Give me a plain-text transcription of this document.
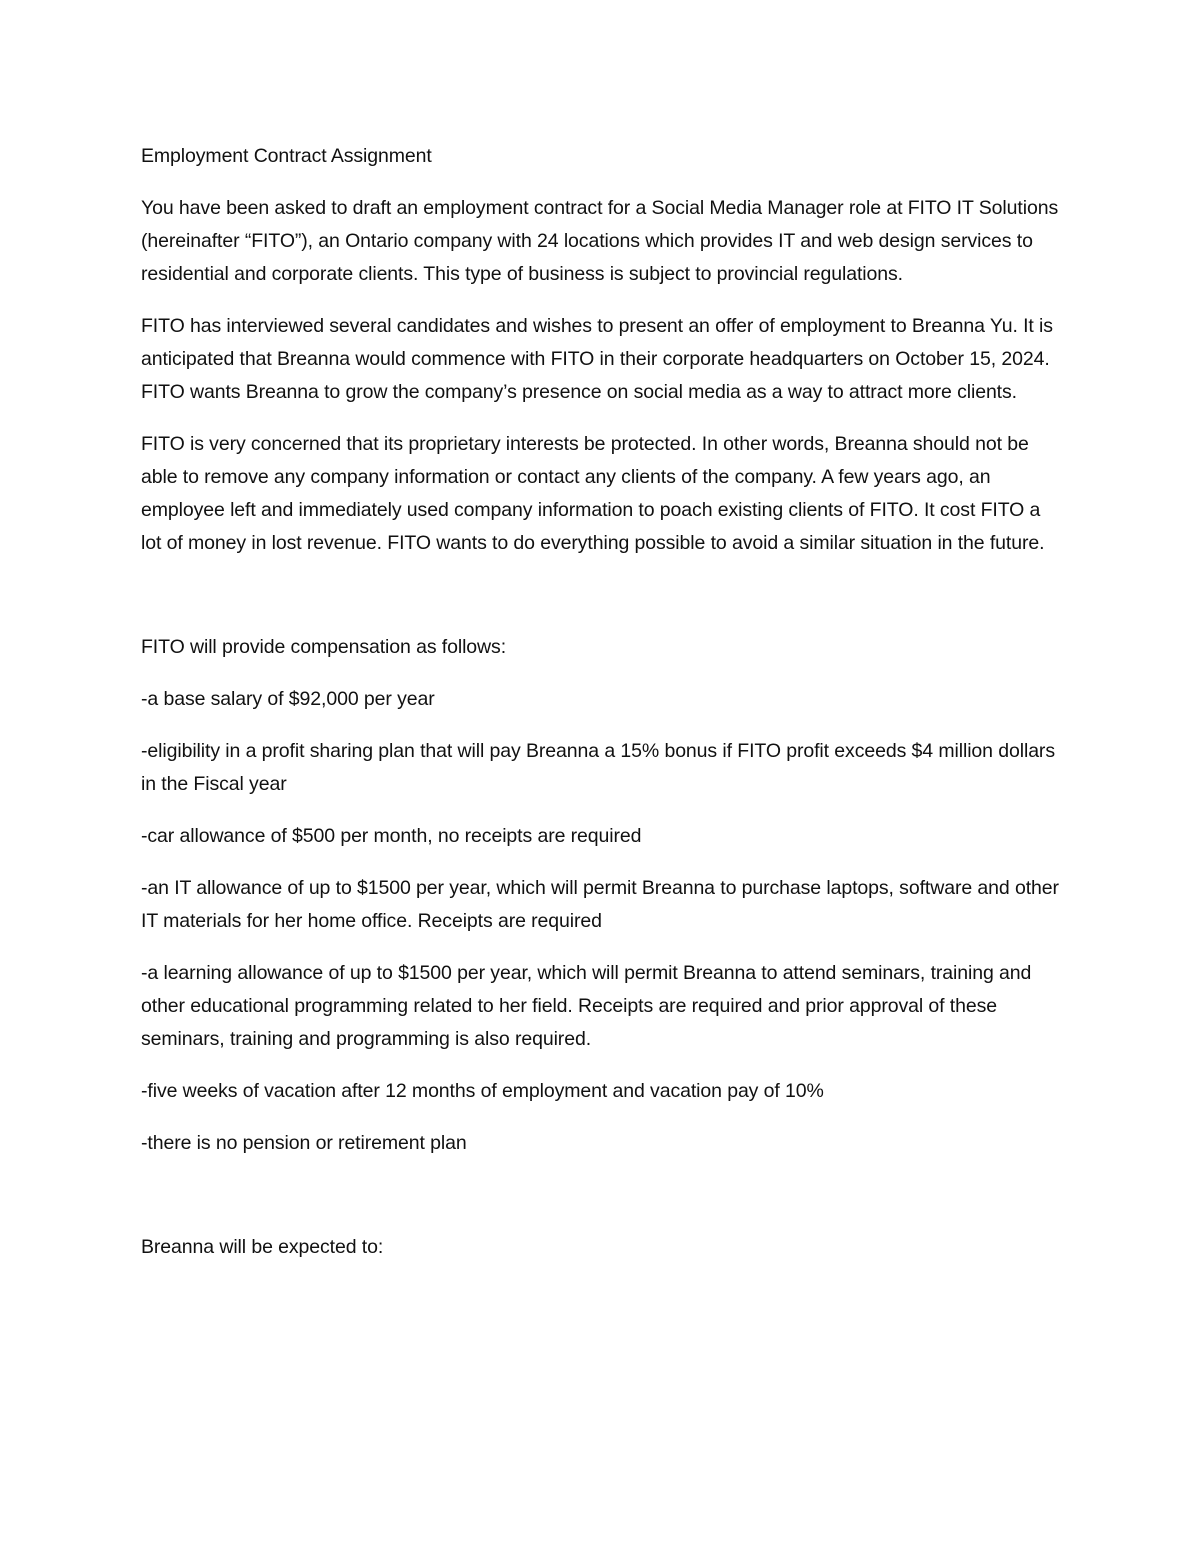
Employment Contract Assignment

You have been asked to draft an employment contract for a Social Media Manager role at FITO IT Solutions (hereinafter “FITO”), an Ontario company with 24 locations which provides IT and web design services to residential and corporate clients. This type of business is subject to provincial regulations.

FITO has interviewed several candidates and wishes to present an offer of employment to Breanna Yu. It is anticipated that Breanna would commence with FITO in their corporate headquarters on October 15, 2024. FITO wants Breanna to grow the company’s presence on social media as a way to attract more clients.

FITO is very concerned that its proprietary interests be protected. In other words, Breanna should not be able to remove any company information or contact any clients of the company. A few years ago, an employee left and immediately used company information to poach existing clients of FITO. It cost FITO a lot of money in lost revenue. FITO wants to do everything possible to avoid a similar situation in the future.

FITO will provide compensation as follows:

-a base salary of $92,000 per year

-eligibility in a profit sharing plan that will pay Breanna a 15% bonus if FITO profit exceeds $4 million dollars in the Fiscal year

-car allowance of $500 per month, no receipts are required

-an IT allowance of up to $1500 per year, which will permit Breanna to purchase laptops, software and other IT materials for her home office. Receipts are required

-a learning allowance of up to $1500 per year, which will permit Breanna to attend seminars, training and other educational programming related to her field. Receipts are required and prior approval of these seminars, training and programming is also required.

-five weeks of vacation after 12 months of employment and vacation pay of 10%

-there is no pension or retirement plan

Breanna will be expected to:
